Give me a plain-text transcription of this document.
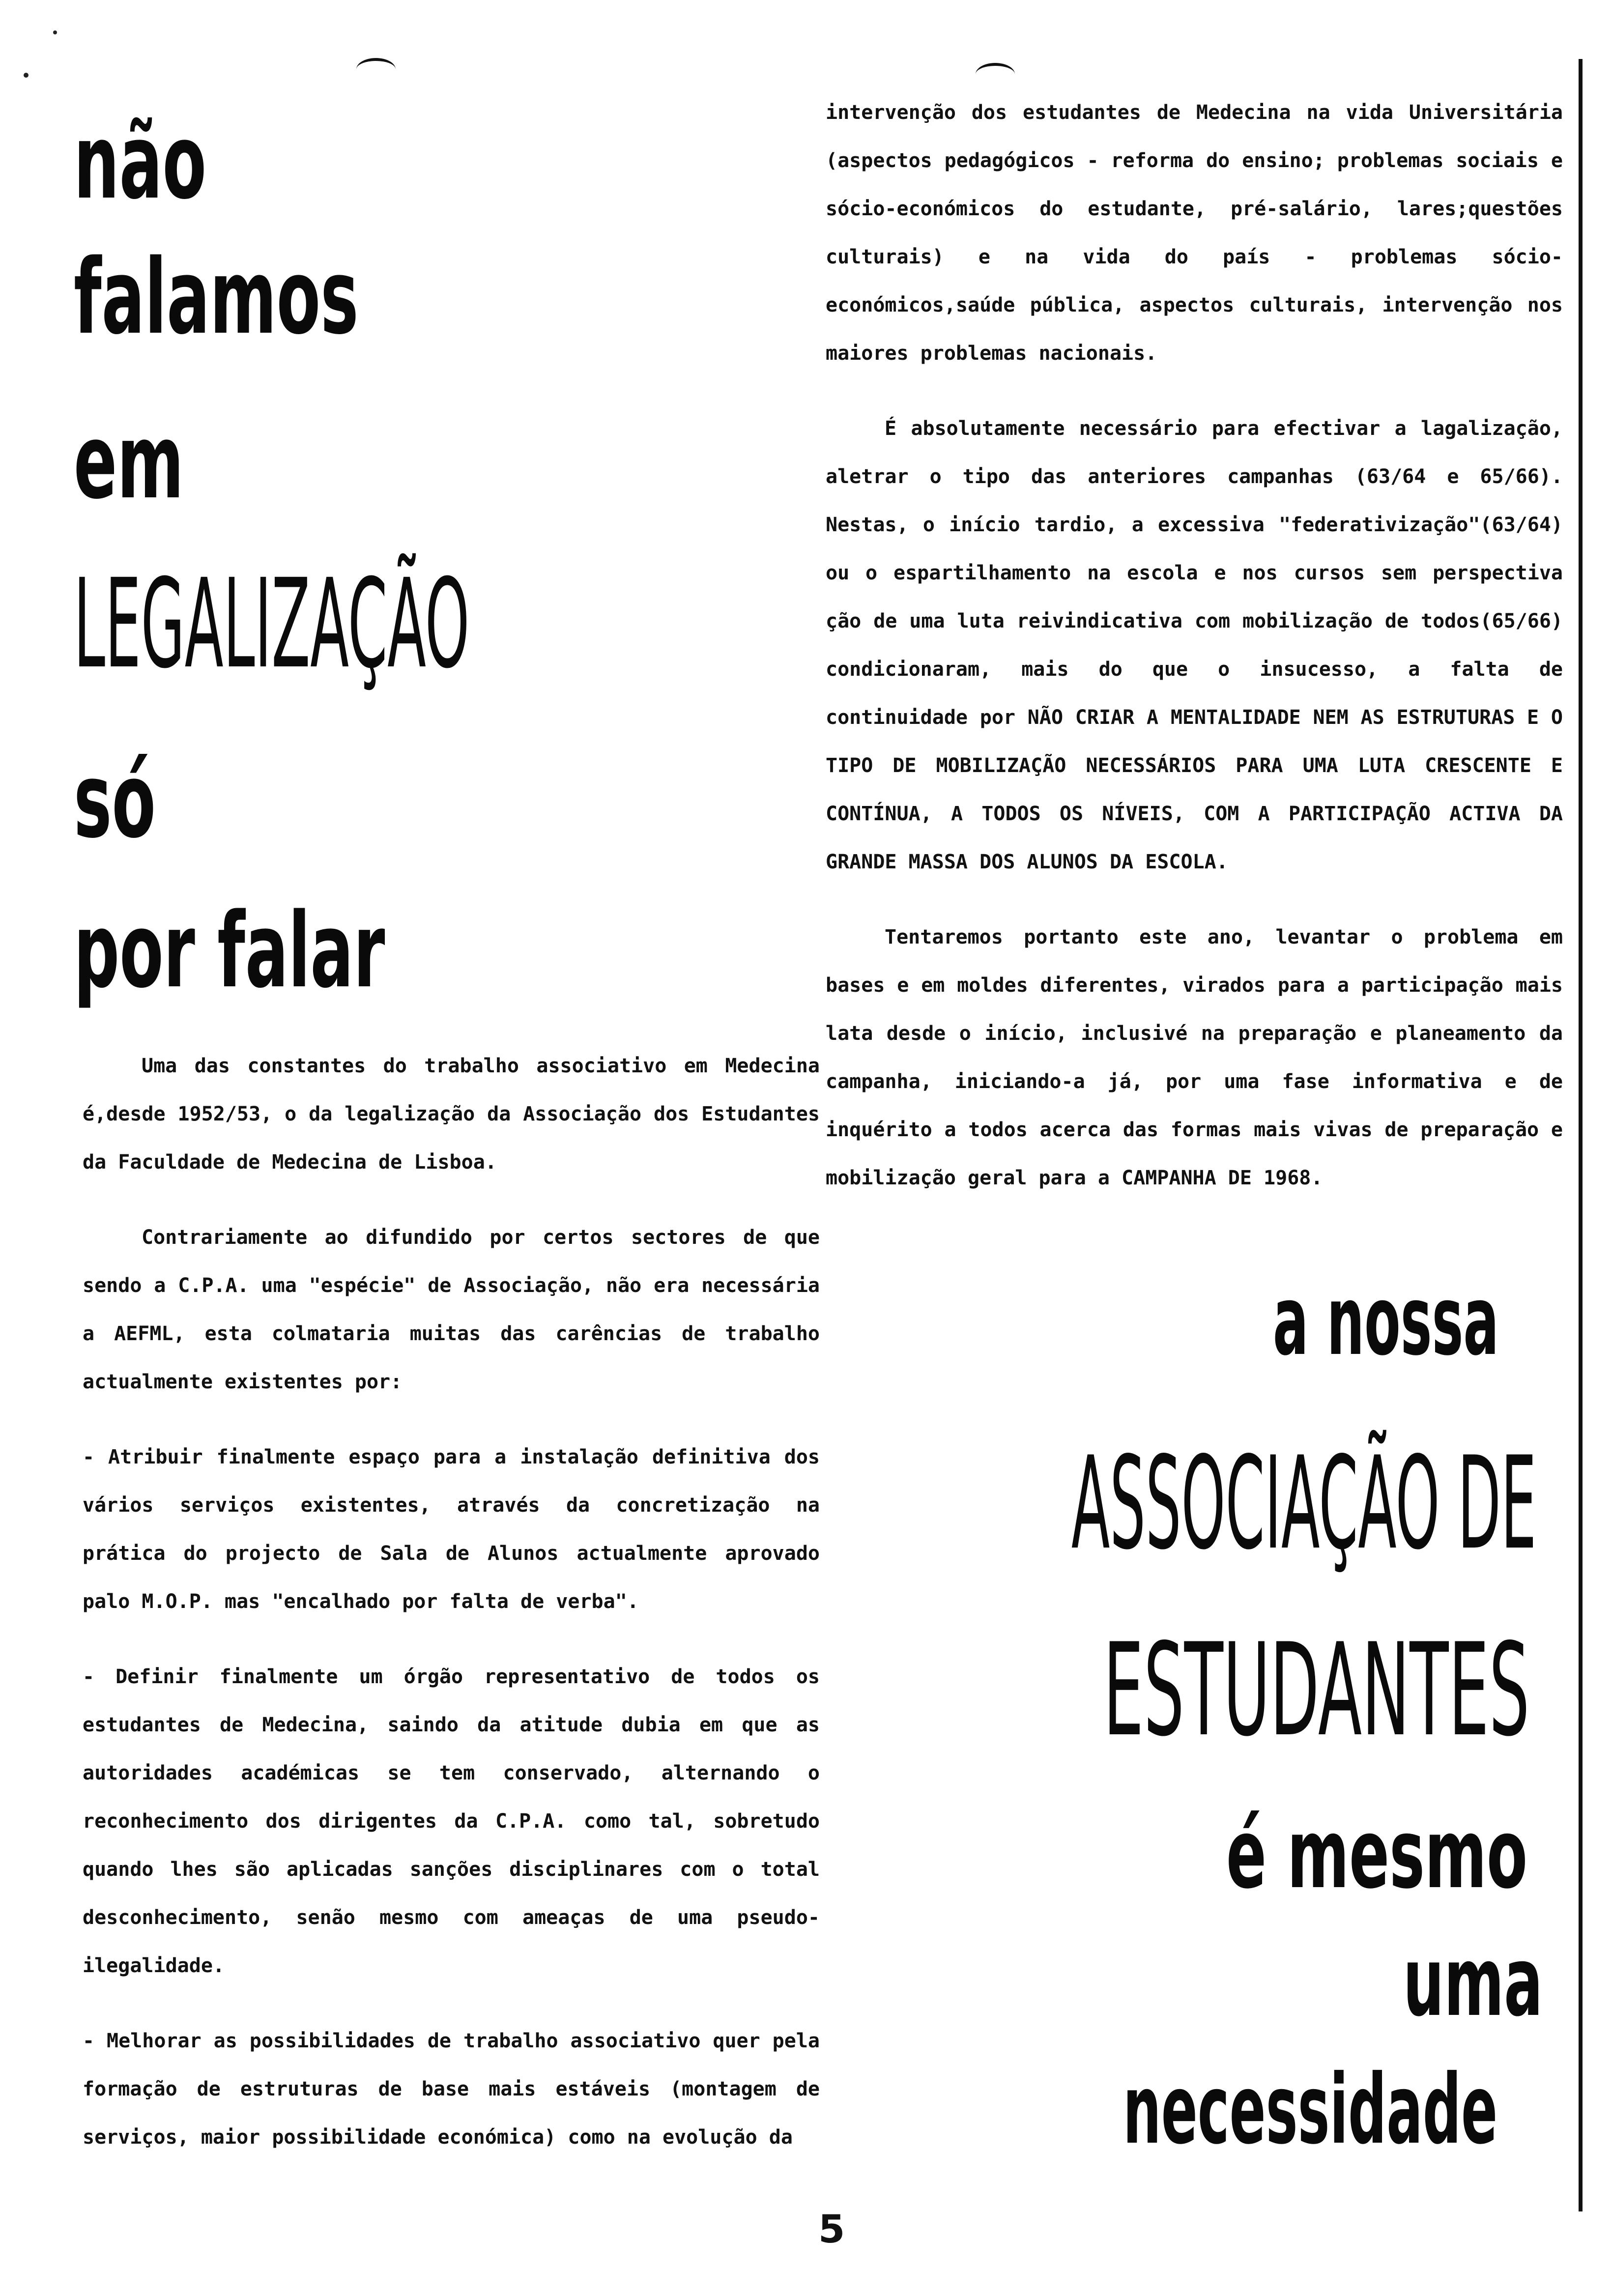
não
falamos
em
LEGALIZAÇÃO
só
por falar

Uma das constantes do trabalho associativo em Medecina é,desde 1952/53, o da legalização da Associação dos Estudantes da Faculdade de Medecina de Lisboa.

Contrariamente ao difundido por certos sectores de que sendo a C.P.A. uma "espécie" de Associação, não era necessária a AEFML, esta colmataria muitas das carências de trabalho actualmente existentes por:

- Atribuir finalmente espaço para a instalação definitiva dos vários serviços existentes, através da concretização na prática do projecto de Sala de Alunos actualmente aprovado palo M.O.P. mas "encalhado por falta de verba".

- Definir finalmente um órgão representativo de todos os estudantes de Medecina, saindo da atitude dubia em que as autoridades académicas se tem conservado, alternando o reconhecimento dos dirigentes da C.P.A. como tal, sobretudo quando lhes são aplicadas sanções disciplinares com o total desconhecimento, senão mesmo com ameaças de uma pseudo-ilegalidade.

- Melhorar as possibilidades de trabalho associativo quer pela formação de estruturas de base mais estáveis (montagem de serviços, maior possibilidade económica) como na evolução da

intervenção dos estudantes de Medecina na vida Universitária (aspectos pedagógicos - reforma do ensino; problemas sociais e sócio-económicos do estudante, pré-salário, lares;questões culturais) e na vida do país - problemas sócio-económicos,saúde pública, aspectos culturais, intervenção nos maiores problemas nacionais.

É absolutamente necessário para efectivar a lagalização, aletrar o tipo das anteriores campanhas (63/64 e 65/66). Nestas, o início tardio, a excessiva "federativização"(63/64) ou o espartilhamento na escola e nos cursos sem perspectiva ção de uma luta reivindicativa com mobilização de todos(65/66) condicionaram, mais do que o insucesso, a falta de continuidade por NÃO CRIAR A MENTALIDADE NEM AS ESTRUTURAS E O TIPO DE MOBILIZAÇÃO NECESSÁRIOS PARA UMA LUTA CRESCENTE E CONTÍNUA, A TODOS OS NÍVEIS, COM A PARTICIPAÇÃO ACTIVA DA GRANDE MASSA DOS ALUNOS DA ESCOLA.

Tentaremos portanto este ano, levantar o problema em bases e em moldes diferentes, virados para a participação mais lata desde o início, inclusivé na preparação e planeamento da campanha, iniciando-a já, por uma fase informativa e de inquérito a todos acerca das formas mais vivas de preparação e mobilização geral para a CAMPANHA DE 1968.

a nossa
ASSOCIAÇÃO DE
ESTUDANTES
é mesmo
uma
necessidade
5
